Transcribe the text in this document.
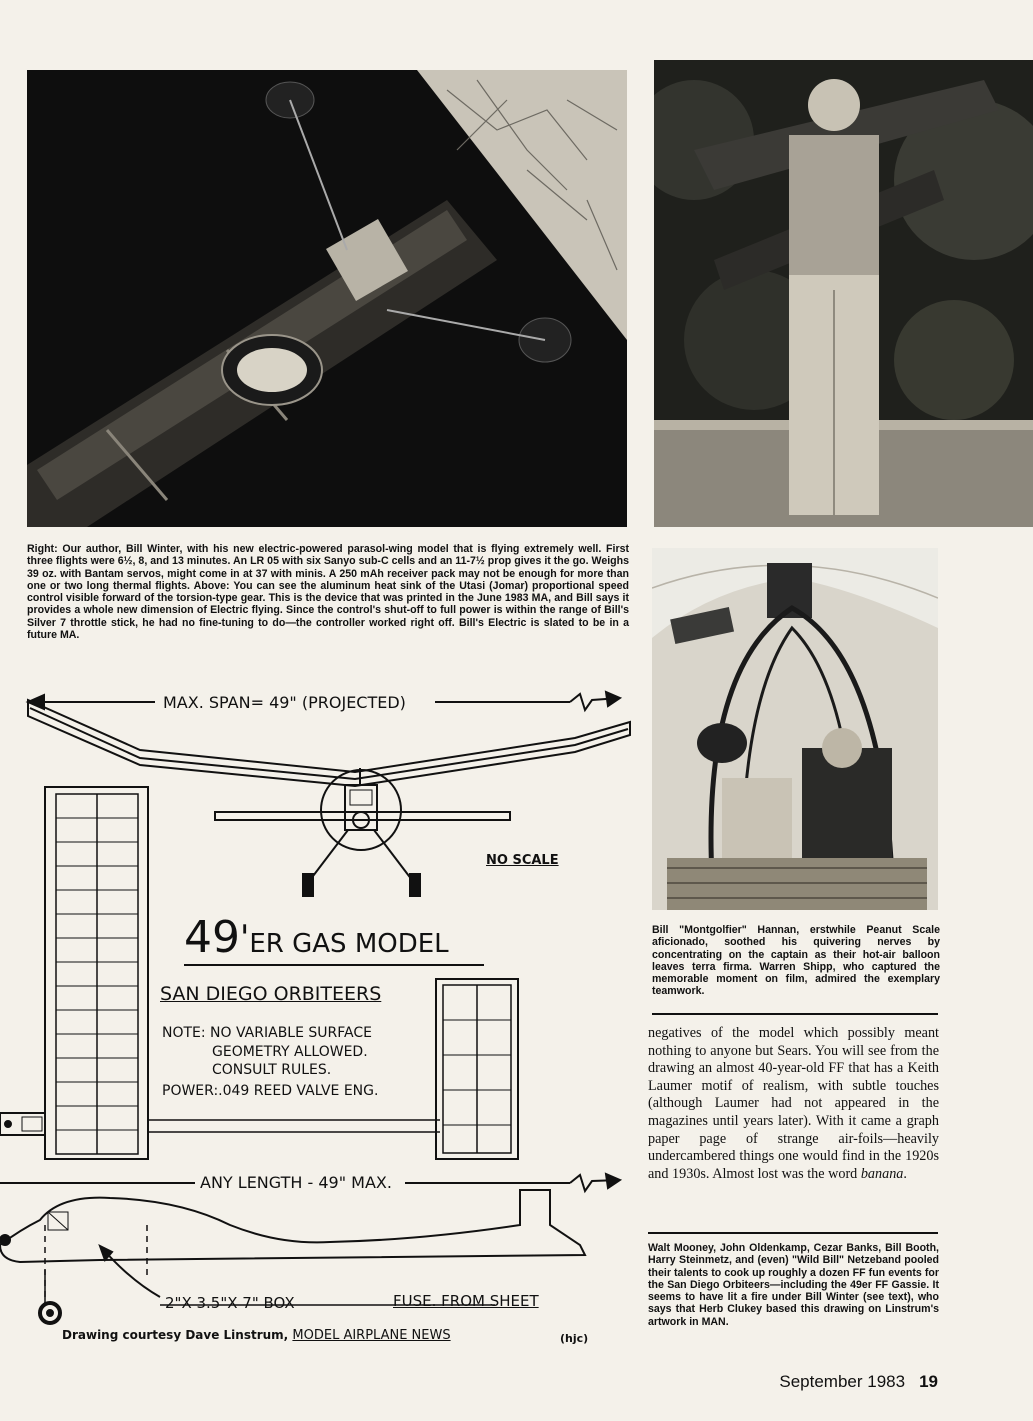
Right: Our author, Bill Winter, with his new electric-powered parasol-wing model that is flying extremely well. First three flights were 6½, 8, and 13 minutes. An LR 05 with six Sanyo sub-C cells and an 11-7½ prop gives it the go. Weighs 39 oz. with Bantam servos, might come in at 37 with minis. A 250 mAh receiver pack may not be enough for more than one or two long thermal flights. Above: You can see the aluminum heat sink of the Utasi (Jomar) proportional speed control visible forward of the torsion-type gear. This is the device that was printed in the June 1983 MA, and Bill says it provides a whole new dimension of Electric flying. Since the control's shut-off to full power is within the range of Bill's Silver 7 throttle stick, he had no fine-tuning to do—the controller worked right off. Bill's Electric is slated to be in a future MA.
Bill "Montgolfier" Hannan, erstwhile Peanut Scale aficionado, soothed his quivering nerves by concentrating on the captain as their hot-air balloon leaves terra firma. Warren Shipp, who captured the memorable moment on film, admired the exemplary teamwork.
negatives of the model which possibly meant nothing to anyone but Sears. You will see from the drawing an almost 40-year-old FF that has a Keith Laumer motif of realism, with subtle touches (although Laumer had not appeared in the magazines until years later). With it came a graph paper page of strange air-foils—heavily undercambered things one would find in the 1920s and 1930s. Almost lost was the word banana.
Walt Mooney, John Oldenkamp, Cezar Banks, Bill Booth, Harry Steinmetz, and (even) "Wild Bill" Netzeband pooled their talents to cook up roughly a dozen FF fun events for the San Diego Orbiteers—including the 49er FF Gassie. It seems to have lit a fire under Bill Winter (see text), who says that Herb Clukey based this drawing on Linstrum's artwork in MAN.
MAX. SPAN= 49" (PROJECTED)
NO SCALE
49'ER GAS MODEL
SAN DIEGO ORBITEERS
NOTE: NO VARIABLE SURFACE
GEOMETRY ALLOWED.
CONSULT RULES.
POWER:.049 REED VALVE ENG.
ANY LENGTH - 49" MAX.
2"X 3.5"X 7" BOX	FUSE. FROM SHEET
Drawing courtesy Dave Linstrum, MODEL AIRPLANE NEWS	(hjc)
September 1983 19
